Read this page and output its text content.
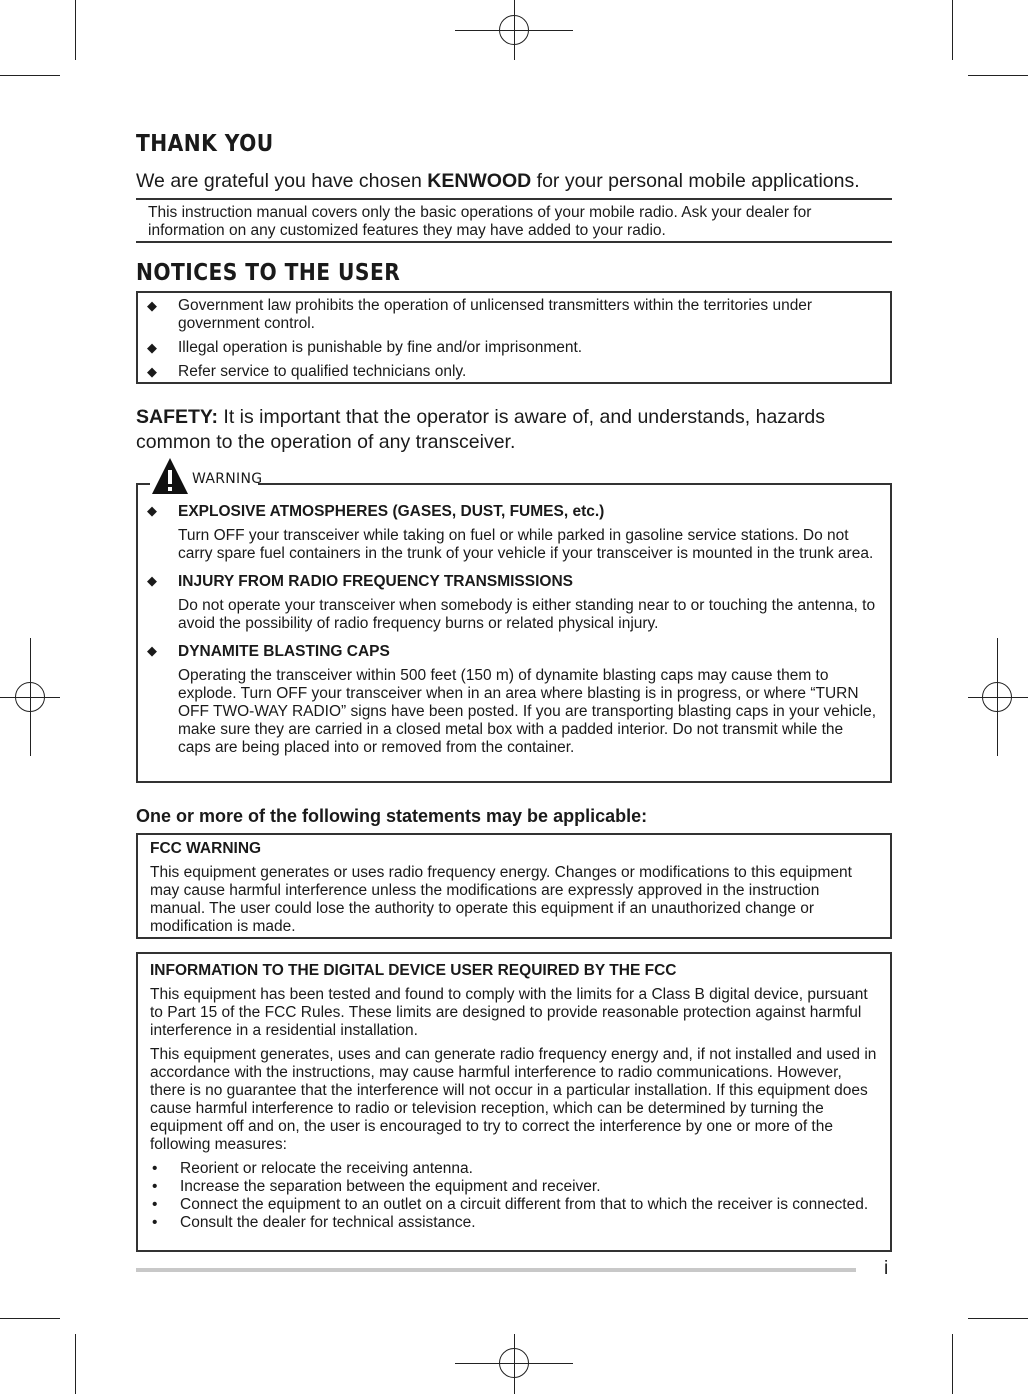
THANK YOU

We are grateful you have chosen KENWOOD for your personal mobile applications.

This instruction manual covers only the basic operations of your mobile radio. Ask your dealer for information on any customized features they may have added to your radio.

NOTICES TO THE USER
◆ Government law prohibits the operation of unlicensed transmitters within the territories under government control.
◆ Illegal operation is punishable by fine and/or imprisonment.
◆ Refer service to qualified technicians only.

SAFETY: It is important that the operator is aware of, and understands, hazards common to the operation of any transceiver.

◆ EXPLOSIVE ATMOSPHERES (GASES, DUST, FUMES, etc.)

Turn OFF your transceiver while taking on fuel or while parked in gasoline service stations. Do not carry spare fuel containers in the trunk of your vehicle if your transceiver is mounted in the trunk area.

◆ INJURY FROM RADIO FREQUENCY TRANSMISSIONS

Do not operate your transceiver when somebody is either standing near to or touching the antenna, to avoid the possibility of radio frequency burns or related physical injury.

◆ DYNAMITE BLASTING CAPS

Operating the transceiver within 500 feet (150 m) of dynamite blasting caps may cause them to explode. Turn OFF your transceiver when in an area where blasting is in progress, or where “TURN OFF TWO-WAY RADIO” signs have been posted. If you are transporting blasting caps in your vehicle, make sure they are carried in a closed metal box with a padded interior. Do not transmit while the caps are being placed into or removed from the container.

WARNING

One or more of the following statements may be applicable:

FCC WARNING

This equipment generates or uses radio frequency energy. Changes or modifications to this equipment may cause harmful interference unless the modifications are expressly approved in the instruction manual. The user could lose the authority to operate this equipment if an unauthorized change or modification is made.

INFORMATION TO THE DIGITAL DEVICE USER REQUIRED BY THE FCC

This equipment has been tested and found to comply with the limits for a Class B digital device, pursuant to Part 15 of the FCC Rules. These limits are designed to provide reasonable protection against harmful interference in a residential installation.

This equipment generates, uses and can generate radio frequency energy and, if not installed and used in accordance with the instructions, may cause harmful interference to radio communications. However, there is no guarantee that the interference will not occur in a particular installation. If this equipment does cause harmful interference to radio or television reception, which can be determined by turning the equipment off and on, the user is encouraged to try to correct the interference by one or more of the following measures:

• Reorient or relocate the receiving antenna.
• Increase the separation between the equipment and receiver.
• Connect the equipment to an outlet on a circuit different from that to which the receiver is connected.
• Consult the dealer for technical assistance.
i
